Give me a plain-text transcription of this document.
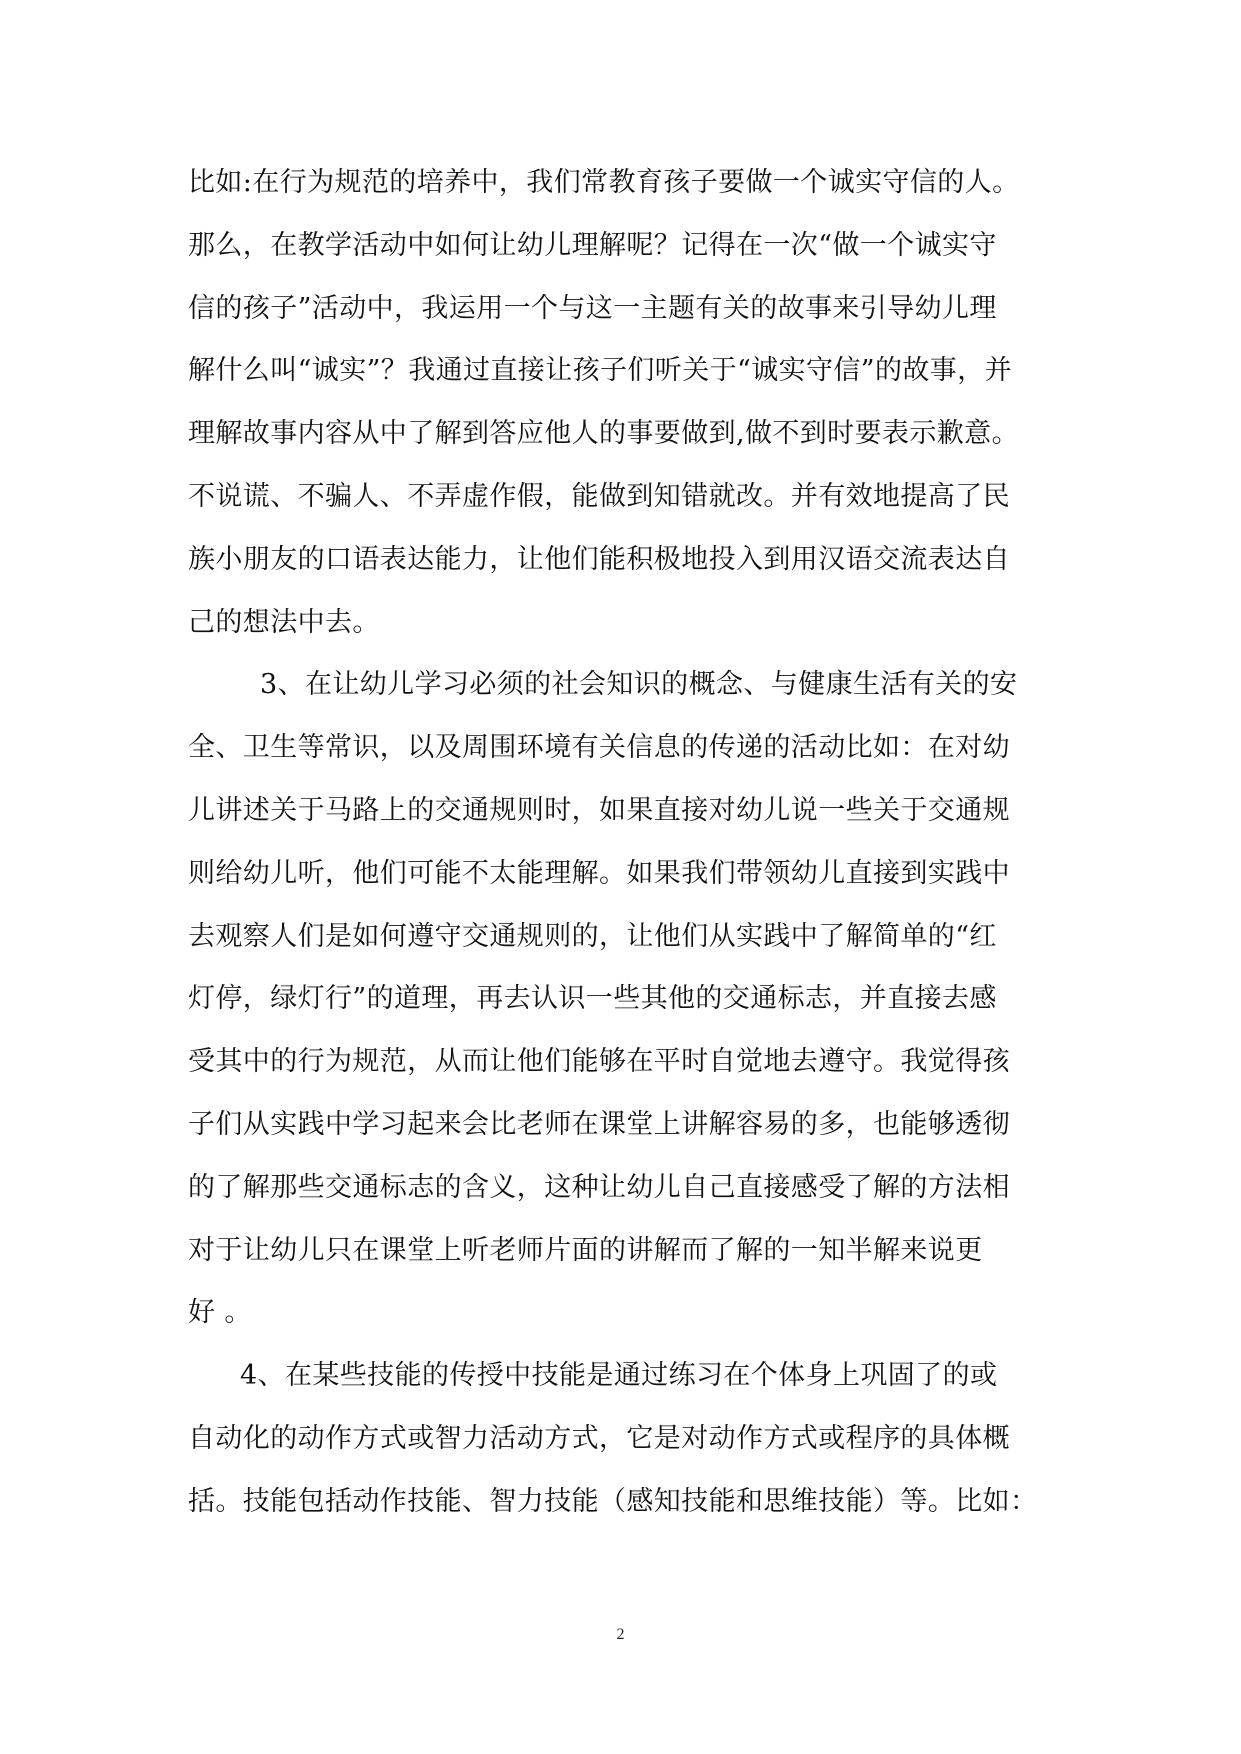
比如:在行为规范的培养中，我们常教育孩子要做一个诚实守信的人。
那么，在教学活动中如何让幼儿理解呢？记得在一次“做一个诚实守
信的孩子”活动中，我运用一个与这一主题有关的故事来引导幼儿理
解什么叫“诚实”？我通过直接让孩子们听关于“诚实守信”的故事，并
理解故事内容从中了解到答应他人的事要做到,做不到时要表示歉意。
不说谎、不骗人、不弄虚作假，能做到知错就改。并有效地提高了民
族小朋友的口语表达能力，让他们能积极地投入到用汉语交流表达自
己的想法中去。
3、在让幼儿学习必须的社会知识的概念、与健康生活有关的安
全、卫生等常识，以及周围环境有关信息的传递的活动比如：在对幼
儿讲述关于马路上的交通规则时，如果直接对幼儿说一些关于交通规
则给幼儿听，他们可能不太能理解。如果我们带领幼儿直接到实践中
去观察人们是如何遵守交通规则的，让他们从实践中了解简单的“红
灯停，绿灯行”的道理，再去认识一些其他的交通标志，并直接去感
受其中的行为规范，从而让他们能够在平时自觉地去遵守。我觉得孩
子们从实践中学习起来会比老师在课堂上讲解容易的多，也能够透彻
的了解那些交通标志的含义，这种让幼儿自己直接感受了解的方法相
对于让幼儿只在课堂上听老师片面的讲解而了解的一知半解来说更
好 。
4、在某些技能的传授中技能是通过练习在个体身上巩固了的或
自动化的动作方式或智力活动方式，它是对动作方式或程序的具体概
括。技能包括动作技能、智力技能（感知技能和思维技能）等。比如：
2
